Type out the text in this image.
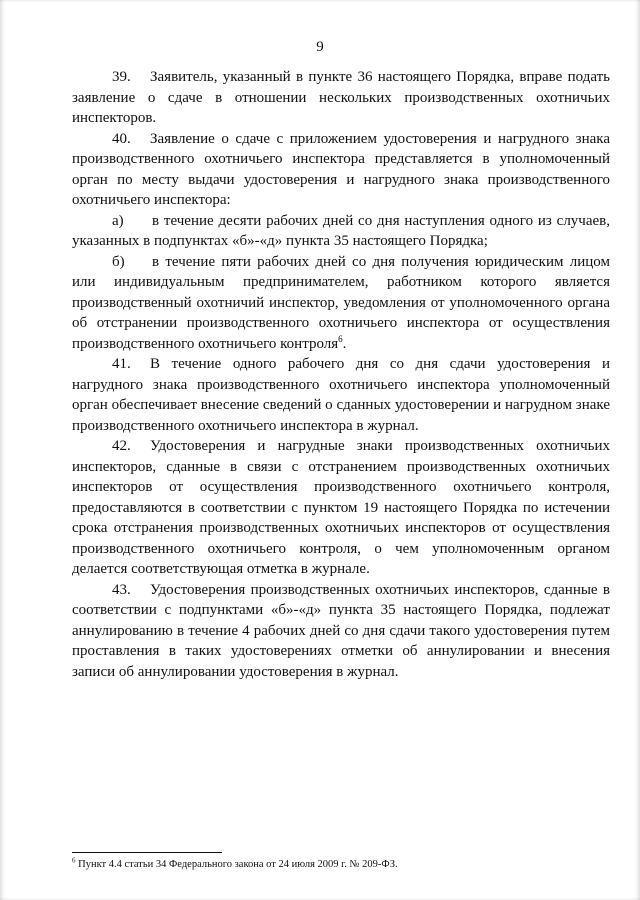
9

39. Заявитель, указанный в пункте 36 настоящего Порядка, вправе подать заявление о сдаче в отношении нескольких производственных охотничьих инспекторов.

40. Заявление о сдаче с приложением удостоверения и нагрудного знака производственного охотничьего инспектора представляется в уполномоченный орган по месту выдачи удостоверения и нагрудного знака производственного охотничьего инспектора:

а) в течение десяти рабочих дней со дня наступления одного из случаев, указанных в подпунктах «б»-«д» пункта 35 настоящего Порядка;

б) в течение пяти рабочих дней со дня получения юридическим лицом или индивидуальным предпринимателем, работником которого является производственный охотничий инспектор, уведомления от уполномоченного органа об отстранении производственного охотничьего инспектора от осуществления производственного охотничьего контроля$^6$.

41. В течение одного рабочего дня со дня сдачи удостоверения и нагрудного знака производственного охотничьего инспектора уполномоченный орган обеспечивает внесение сведений о сданных удостоверении и нагрудном знаке производственного охотничьего инспектора в журнал.

42. Удостоверения и нагрудные знаки производственных охотничьих инспекторов, сданные в связи с отстранением производственных охотничьих инспекторов от осуществления производственного охотничьего контроля, предоставляются в соответствии с пунктом 19 настоящего Порядка по истечении срока отстранения производственных охотничьих инспекторов от осуществления производственного охотничьего контроля, о чем уполномоченным органом делается соответствующая отметка в журнале.

43. Удостоверения производственных охотничьих инспекторов, сданные в соответствии с подпунктами «б»-«д» пункта 35 настоящего Порядка, подлежат аннулированию в течение 4 рабочих дней со дня сдачи такого удостоверения путем проставления в таких удостоверениях отметки об аннулировании и внесения записи об аннулировании удостоверения в журнал.

$^6$ Пункт 4.4 статьи 34 Федерального закона от 24 июля 2009 г. № 209-ФЗ.
